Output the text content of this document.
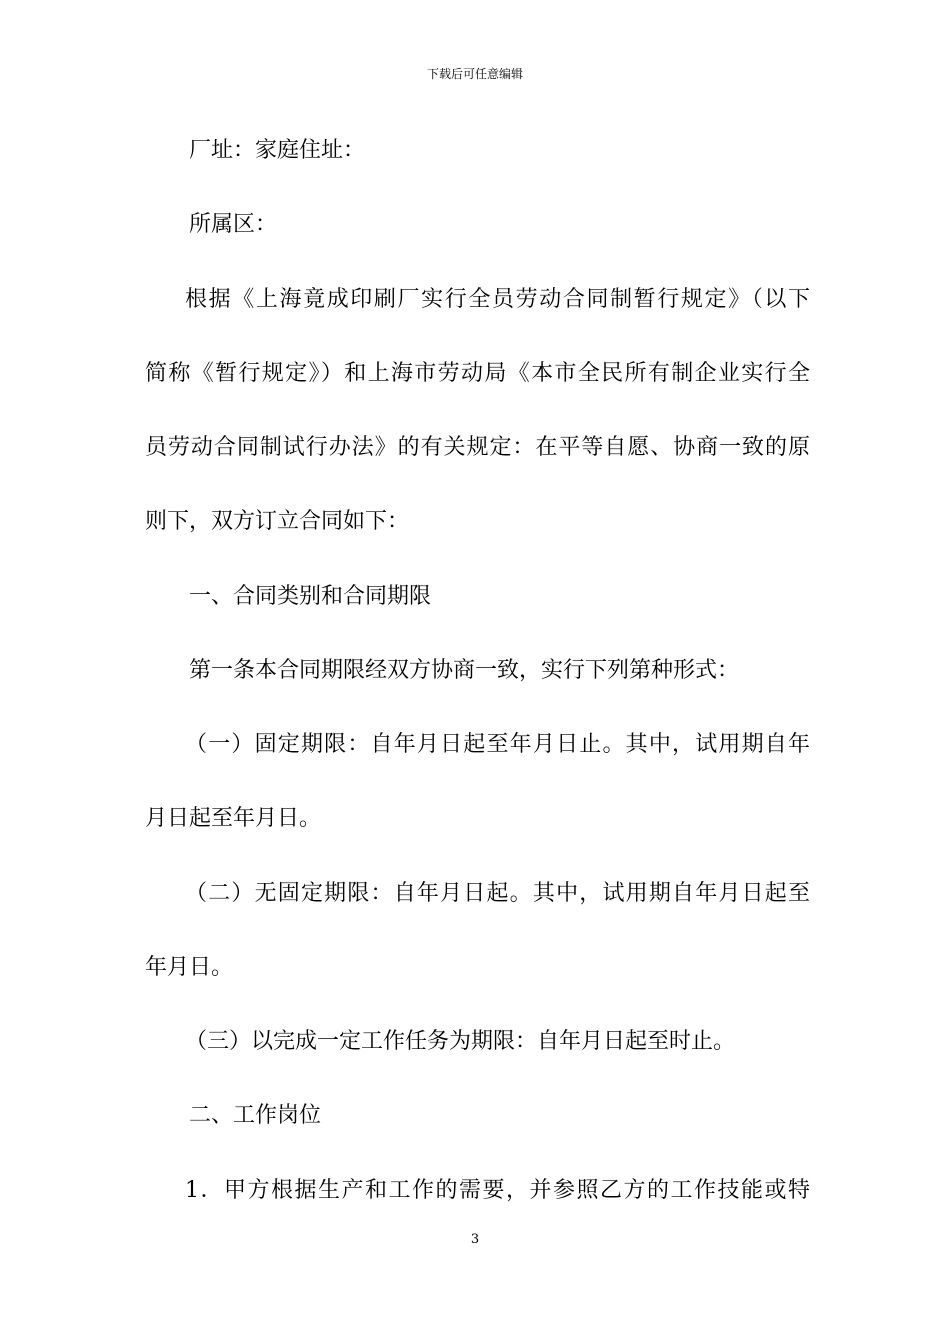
下载后可任意编辑
厂址：家庭住址：
所属区：
根据《上海竟成印刷厂实行全员劳动合同制暂行规定》（以下
简称《暂行规定》）和上海市劳动局《本市全民所有制企业实行全
员劳动合同制试行办法》的有关规定：在平等自愿、协商一致的原
则下，双方订立合同如下：
一、合同类别和合同期限
第一条本合同期限经双方协商一致，实行下列第种形式：
（一）固定期限：自年月日起至年月日止。其中，试用期自年
月日起至年月日。
（二）无固定期限：自年月日起。其中，试用期自年月日起至
年月日。
（三）以完成一定工作任务为期限：自年月日起至时止。
二、工作岗位
1．甲方根据生产和工作的需要，并参照乙方的工作技能或特
3
